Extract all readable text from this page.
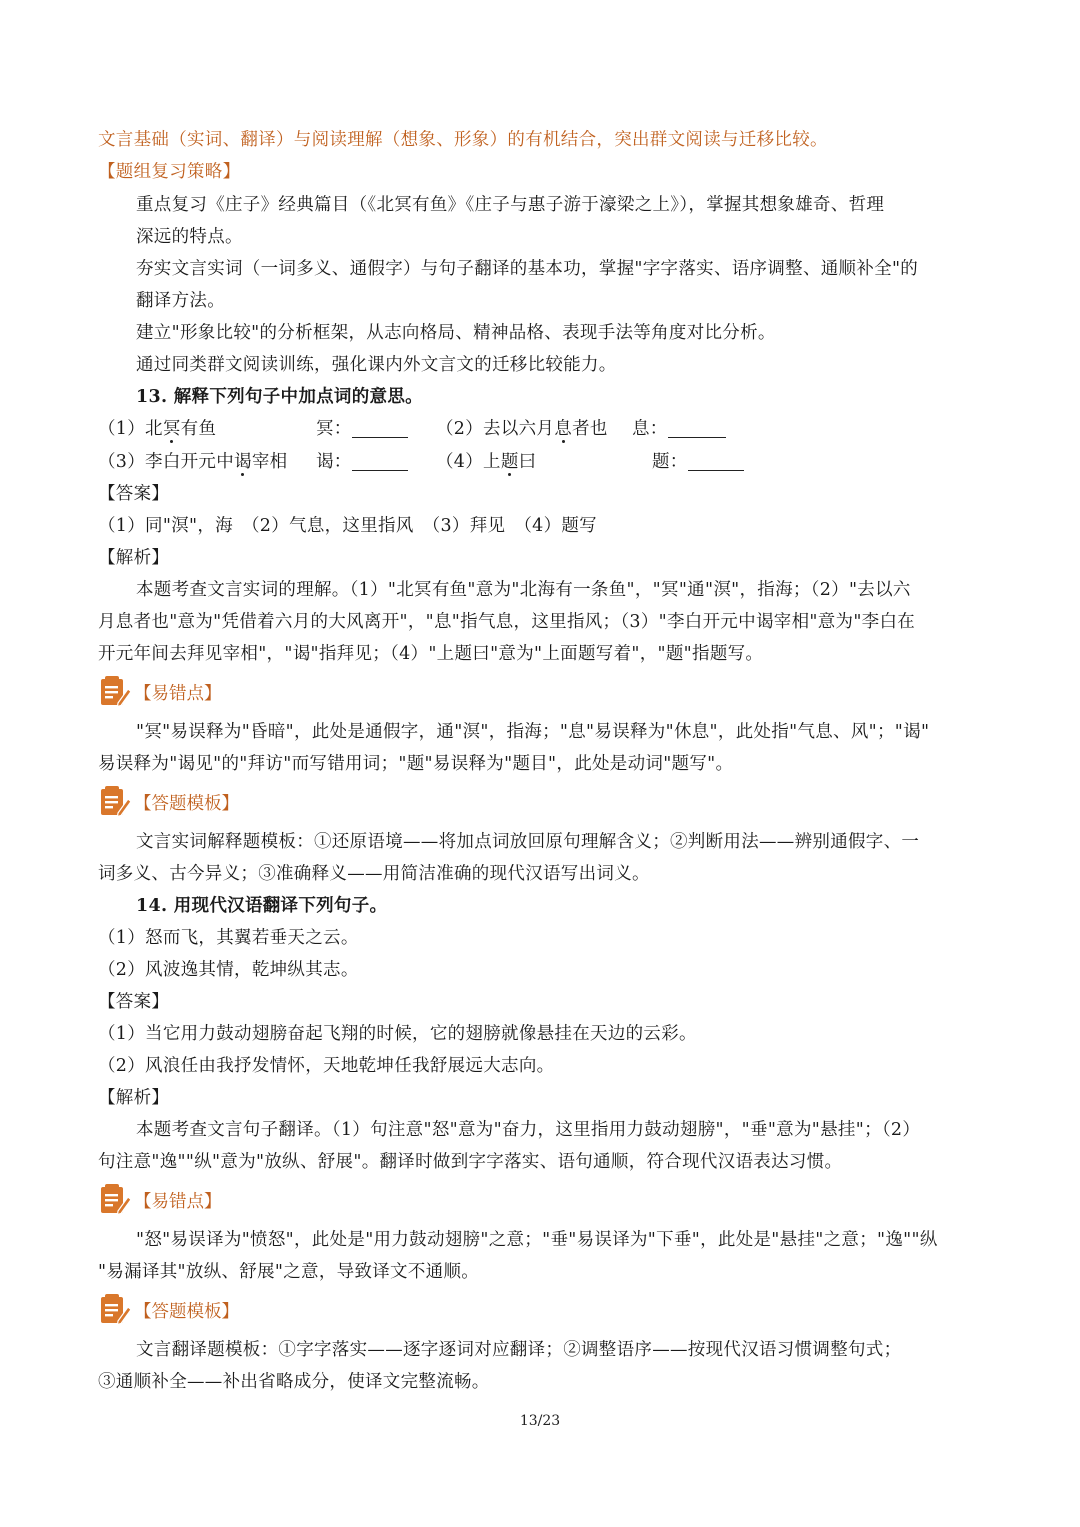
文言基础（实词、翻译）与阅读理解（想象、形象）的有机结合，突出群文阅读与迁移比较。
【题组复习策略】
重点复习《庄子》经典篇目（《北冥有鱼》《庄子与惠子游于濠梁之上》），掌握其想象雄奇、哲理
深远的特点。
夯实文言实词（一词多义、通假字）与句子翻译的基本功，掌握"字字落实、语序调整、通顺补全"的
翻译方法。
建立"形象比较"的分析框架，从志向格局、精神品格、表现手法等角度对比分析。
通过同类群文阅读训练，强化课内外文言文的迁移比较能力。
13. 解释下列句子中加点词的意思。
（1）北冥有鱼	冥：	（2）去以六月息者也 息：
（3）李白开元中谒宰相 谒：	（4）上题曰	题：
【答案】
（1）同"溟"，海　（2）气息，这里指风　（3）拜见　（4）题写
【解析】
本题考查文言实词的理解。（1）"北冥有鱼"意为"北海有一条鱼"，"冥"通"溟"，指海；（2）"去以六
月息者也"意为"凭借着六月的大风离开"，"息"指气息，这里指风；（3）"李白开元中谒宰相"意为"李白在
开元年间去拜见宰相"，"谒"指拜见；（4）"上题曰"意为"上面题写着"，"题"指题写。
【易错点】
"冥"易误释为"昏暗"，此处是通假字，通"溟"，指海；"息"易误释为"休息"，此处指"气息、风"；"谒"
易误释为"谒见"的"拜访"而写错用词；"题"易误释为"题目"，此处是动词"题写"。
【答题模板】
文言实词解释题模板：①还原语境——将加点词放回原句理解含义；②判断用法——辨别通假字、一
词多义、古今异义；③准确释义——用简洁准确的现代汉语写出词义。
14. 用现代汉语翻译下列句子。
（1）怒而飞，其翼若垂天之云。
（2）风波逸其情，乾坤纵其志。
【答案】
（1）当它用力鼓动翅膀奋起飞翔的时候，它的翅膀就像悬挂在天边的云彩。
（2）风浪任由我抒发情怀，天地乾坤任我舒展远大志向。
【解析】
本题考查文言句子翻译。（1）句注意"怒"意为"奋力，这里指用力鼓动翅膀"，"垂"意为"悬挂"；（2）
句注意"逸""纵"意为"放纵、舒展"。翻译时做到字字落实、语句通顺，符合现代汉语表达习惯。
【易错点】
"怒"易误译为"愤怒"，此处是"用力鼓动翅膀"之意；"垂"易误译为"下垂"，此处是"悬挂"之意；"逸""纵
"易漏译其"放纵、舒展"之意，导致译文不通顺。
【答题模板】
文言翻译题模板：①字字落实——逐字逐词对应翻译；②调整语序——按现代汉语习惯调整句式；
③通顺补全——补出省略成分，使译文完整流畅。
13/23
